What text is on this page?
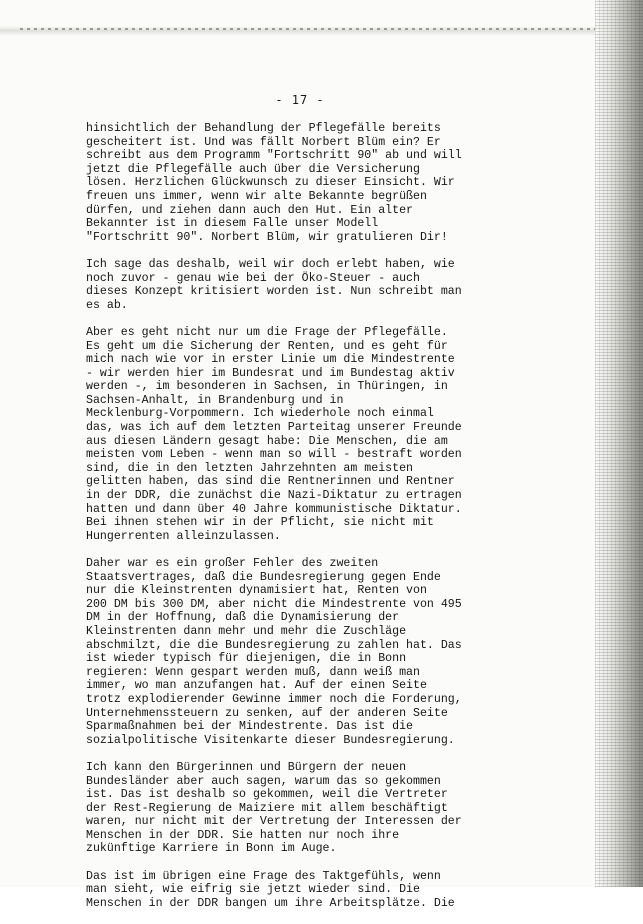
- 17 -
hinsichtlich der Behandlung der Pflegefälle bereits
gescheitert ist. Und was fällt Norbert Blüm ein? Er
schreibt aus dem Programm "Fortschritt 90" ab und will
jetzt die Pflegefälle auch über die Versicherung
lösen. Herzlichen Glückwunsch zu dieser Einsicht. Wir
freuen uns immer, wenn wir alte Bekannte begrüßen
dürfen, und ziehen dann auch den Hut. Ein alter
Bekannter ist in diesem Falle unser Modell
"Fortschritt 90". Norbert Blüm, wir gratulieren Dir!
Ich sage das deshalb, weil wir doch erlebt haben, wie
noch zuvor - genau wie bei der Öko-Steuer - auch
dieses Konzept kritisiert worden ist. Nun schreibt man
es ab.
Aber es geht nicht nur um die Frage der Pflegefälle.
Es geht um die Sicherung der Renten, und es geht für
mich nach wie vor in erster Linie um die Mindestrente
- wir werden hier im Bundesrat und im Bundestag aktiv
werden -, im besonderen in Sachsen, in Thüringen, in
Sachsen-Anhalt, in Brandenburg und in
Mecklenburg-Vorpommern. Ich wiederhole noch einmal
das, was ich auf dem letzten Parteitag unserer Freunde
aus diesen Ländern gesagt habe: Die Menschen, die am
meisten vom Leben - wenn man so will - bestraft worden
sind, die in den letzten Jahrzehnten am meisten
gelitten haben, das sind die Rentnerinnen und Rentner
in der DDR, die zunächst die Nazi-Diktatur zu ertragen
hatten und dann über 40 Jahre kommunistische Diktatur.
Bei ihnen stehen wir in der Pflicht, sie nicht mit
Hungerrenten alleinzulassen.
Daher war es ein großer Fehler des zweiten
Staatsvertrages, daß die Bundesregierung gegen Ende
nur die Kleinstrenten dynamisiert hat, Renten von
200 DM bis 300 DM, aber nicht die Mindestrente von 495
DM in der Hoffnung, daß die Dynamisierung der
Kleinstrenten dann mehr und mehr die Zuschläge
abschmilzt, die die Bundesregierung zu zahlen hat. Das
ist wieder typisch für diejenigen, die in Bonn
regieren: Wenn gespart werden muß, dann weiß man
immer, wo man anzufangen hat. Auf der einen Seite
trotz explodierender Gewinne immer noch die Forderung,
Unternehmenssteuern zu senken, auf der anderen Seite
Sparmaßnahmen bei der Mindestrente. Das ist die
sozialpolitische Visitenkarte dieser Bundesregierung.
Ich kann den Bürgerinnen und Bürgern der neuen
Bundesländer aber auch sagen, warum das so gekommen
ist. Das ist deshalb so gekommen, weil die Vertreter
der Rest-Regierung de Maiziere mit allem beschäftigt
waren, nur nicht mit der Vertretung der Interessen der
Menschen in der DDR. Sie hatten nur noch ihre
zukünftige Karriere in Bonn im Auge.
Das ist im übrigen eine Frage des Taktgefühls, wenn
man sieht, wie eifrig sie jetzt wieder sind. Die
Menschen in der DDR bangen um ihre Arbeitsplätze. Die
